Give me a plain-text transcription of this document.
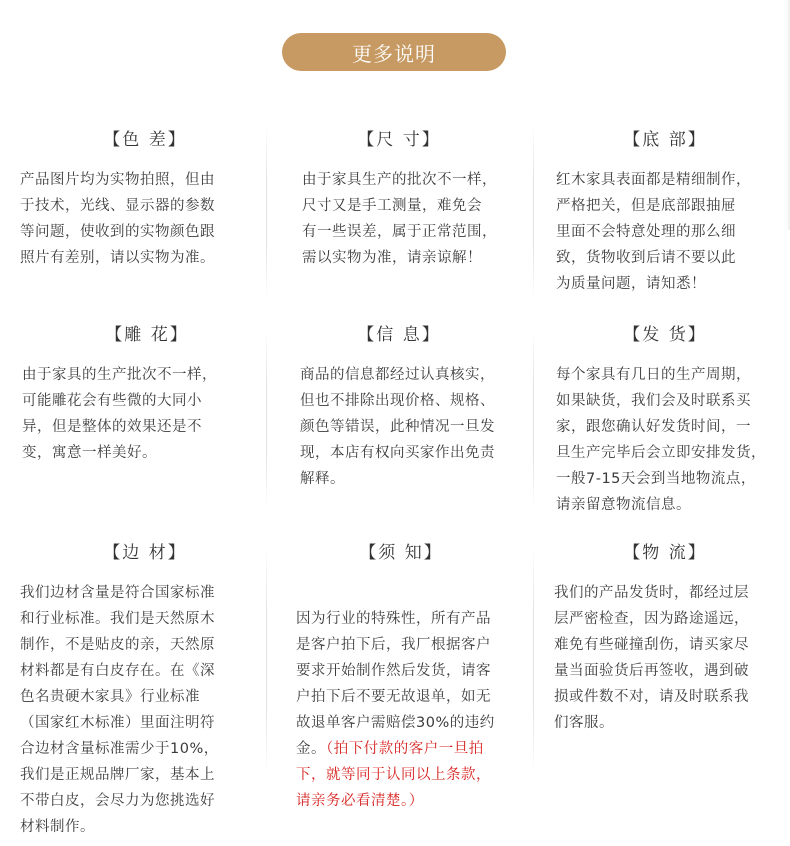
更多说明
【色 差】
产品图片均为实物拍照，但由
于技术，光线、显示器的参数
等问题，使收到的实物颜色跟
照片有差别，请以实物为准。
【尺 寸】
由于家具生产的批次不一样，
尺寸又是手工测量，难免会
有一些误差，属于正常范围，
需以实物为准，请亲谅解！
【底 部】
红木家具表面都是精细制作，
严格把关，但是底部跟抽屉
里面不会特意处理的那么细
致，货物收到后请不要以此
为质量问题，请知悉！
【雕 花】
由于家具的生产批次不一样，
可能雕花会有些微的大同小
异，但是整体的效果还是不
变，寓意一样美好。
【信 息】
商品的信息都经过认真核实，
但也不排除出现价格、规格、
颜色等错误，此种情况一旦发
现，本店有权向买家作出免责
解释。
【发 货】
每个家具有几日的生产周期，
如果缺货，我们会及时联系买
家，跟您确认好发货时间，一
旦生产完毕后会立即安排发货，
一般7-15天会到当地物流点，
请亲留意物流信息。
【边 材】
我们边材含量是符合国家标准
和行业标准。我们是天然原木
制作，不是贴皮的亲，天然原
材料都是有白皮存在。在《深
色名贵硬木家具》行业标准
（国家红木标准）里面注明符
合边材含量标准需少于10%，
我们是正规品牌厂家，基本上
不带白皮，会尽力为您挑选好
材料制作。
【须 知】

因为行业的特殊性，所有产品
是客户拍下后，我厂根据客户
要求开始制作然后发货，请客
户拍下后不要无故退单，如无
故退单客户需赔偿30%的违约
金。（拍下付款的客户一旦拍
下，就等同于认同以上条款，
请亲务必看清楚。）

【物 流】
我们的产品发货时，都经过层
层严密检查，因为路途遥远，
难免有些碰撞刮伤，请买家尽
量当面验货后再签收，遇到破
损或件数不对，请及时联系我
们客服。
